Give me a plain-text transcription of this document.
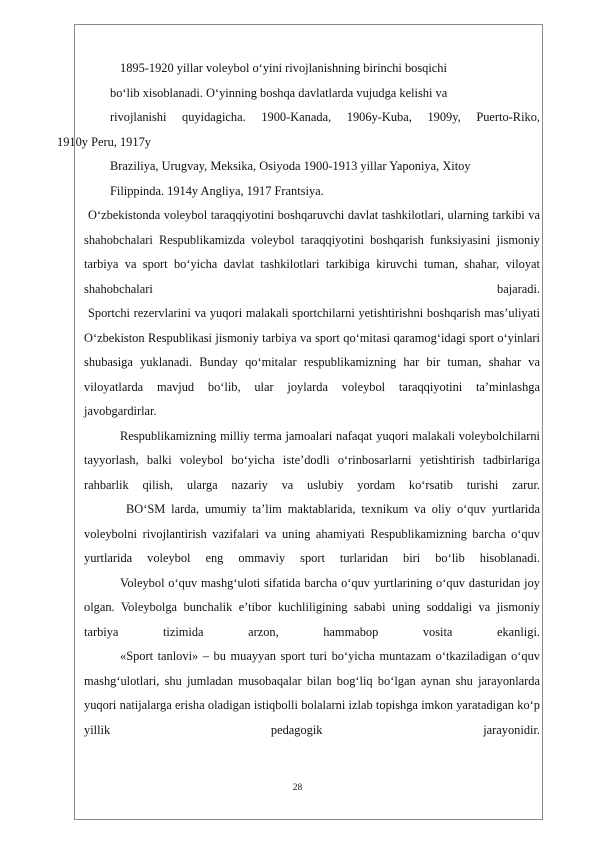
1895-1920 yillar voleybol o‘yini rivojlanishning birinchi bosqichi

bo‘lib xisoblanadi. O‘yinning boshqa davlatlarda vujudga kelishi va

rivojlanishi quyidagicha. 1900-Kanada, 1906y-Kuba, 1909y, Puerto-Riko,

1910y Peru, 1917y

Braziliya, Urugvay, Meksika, Osiyoda 1900-1913 yillar Yaponiya, Xitoy

Filippinda. 1914y Angliya, 1917 Frantsiya.

O‘zbekistonda voleybol taraqqiyotini boshqaruvchi davlat tashkilotlari, ularning tarkibi va shahobchalari Respublikamizda voleybol taraqqiyotini boshqarish funksiyasini jismoniy tarbiya va sport bo‘yicha davlat tashkilotlari tarkibiga kiruvchi tuman, shahar, viloyat shahobchalari bajaradi.

Sportchi rezervlarini va yuqori malakali sportchilarni yetishtirishni boshqarish mas’uliyati O‘zbekiston Respublikasi jismoniy tarbiya va sport qo‘mitasi qaramog‘idagi sport o‘yinlari shubasiga yuklanadi. Bunday qo‘mitalar respublikamizning har bir tuman, shahar va viloyatlarda mavjud bo‘lib, ular joylarda voleybol taraqqiyotini ta’minlashga javobgardirlar.

Respublikamizning milliy terma jamoalari nafaqat yuqori malakali voleybolchilarni tayyorlash, balki voleybol bo‘yicha iste’dodli o‘rinbosarlarni yetishtirish tadbirlariga rahbarlik qilish, ularga nazariy va uslubiy yordam ko‘rsatib turishi zarur.

BO‘SM larda, umumiy ta’lim maktablarida, texnikum va oliy o‘quv yurtlarida voleybolni rivojlantirish vazifalari va uning ahamiyati Respublikamizning barcha o‘quv yurtlarida voleybol eng ommaviy sport turlaridan biri bo‘lib hisoblanadi.

Voleybol o‘quv mashg‘uloti sifatida barcha o‘quv yurtlarining o‘quv dasturidan joy olgan. Voleybolga bunchalik e’tibor kuchliligining sababi uning soddaligi va jismoniy tarbiya tizimida arzon, hammabop vosita ekanligi.

«Sport tanlovi» – bu muayyan sport turi bo‘yicha muntazam o‘tkaziladigan o‘quv mashg‘ulotlari, shu jumladan musobaqalar bilan bog‘liq bo‘lgan aynan shu jarayonlarda yuqori natijalarga erisha oladigan istiqbolli bolalarni izlab topishga imkon yaratadigan ko‘p yillik pedagogik jarayonidir.

28
